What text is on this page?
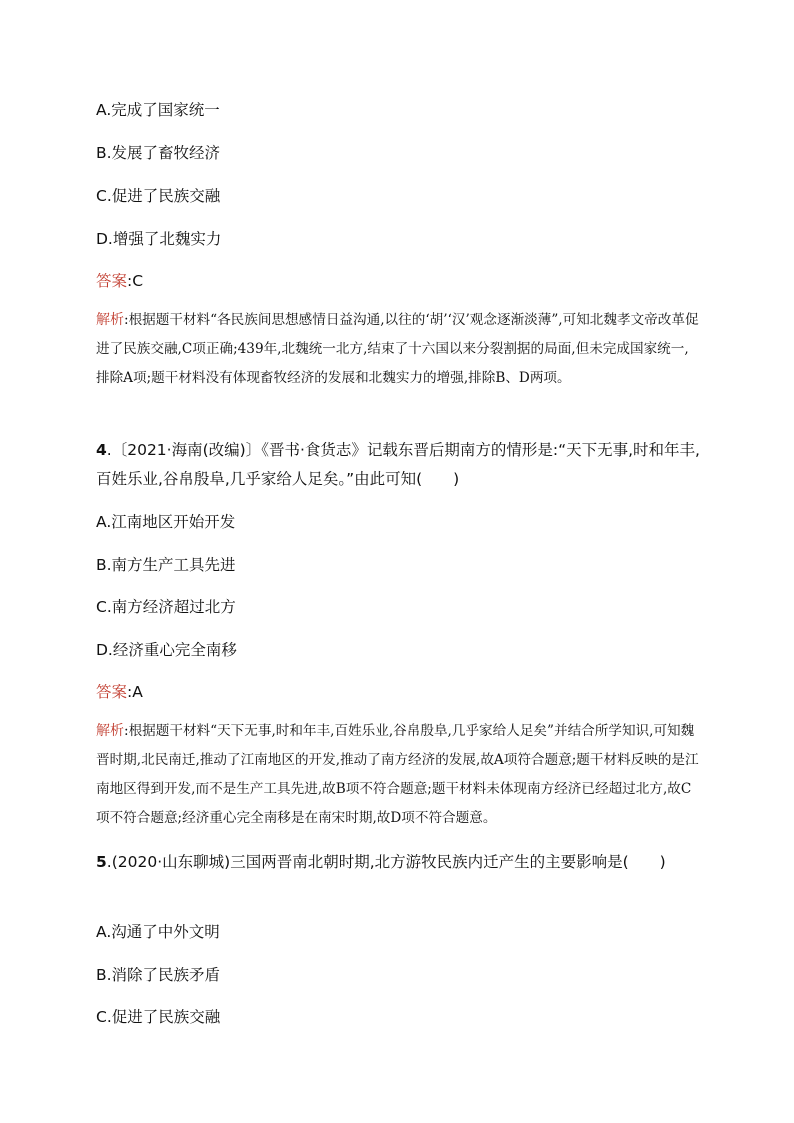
A.完成了国家统一
B.发展了畜牧经济
C.促进了民族交融
D.增强了北魏实力
答案:C
解析:根据题干材料“各民族间思想感情日益沟通,以往的‘胡’‘汉’观念逐渐淡薄”,可知北魏孝文帝改革促进了民族交融,C项正确;439年,北魏统一北方,结束了十六国以来分裂割据的局面,但未完成国家统一,排除A项;题干材料没有体现畜牧经济的发展和北魏实力的增强,排除B、D两项。
4.〔2021·海南(改编)〕《晋书·食货志》记载东晋后期南方的情形是:“天下无事,时和年丰,百姓乐业,谷帛殷阜,几乎家给人足矣。”由此可知(　　)
A.江南地区开始开发
B.南方生产工具先进
C.南方经济超过北方
D.经济重心完全南移
答案:A
解析:根据题干材料“天下无事,时和年丰,百姓乐业,谷帛殷阜,几乎家给人足矣”并结合所学知识,可知魏晋时期,北民南迁,推动了江南地区的开发,推动了南方经济的发展,故A项符合题意;题干材料反映的是江南地区得到开发,而不是生产工具先进,故B项不符合题意;题干材料未体现南方经济已经超过北方,故C项不符合题意;经济重心完全南移是在南宋时期,故D项不符合题意。
5.(2020·山东聊城)三国两晋南北朝时期,北方游牧民族内迁产生的主要影响是(　　)
A.沟通了中外文明
B.消除了民族矛盾
C.促进了民族交融
